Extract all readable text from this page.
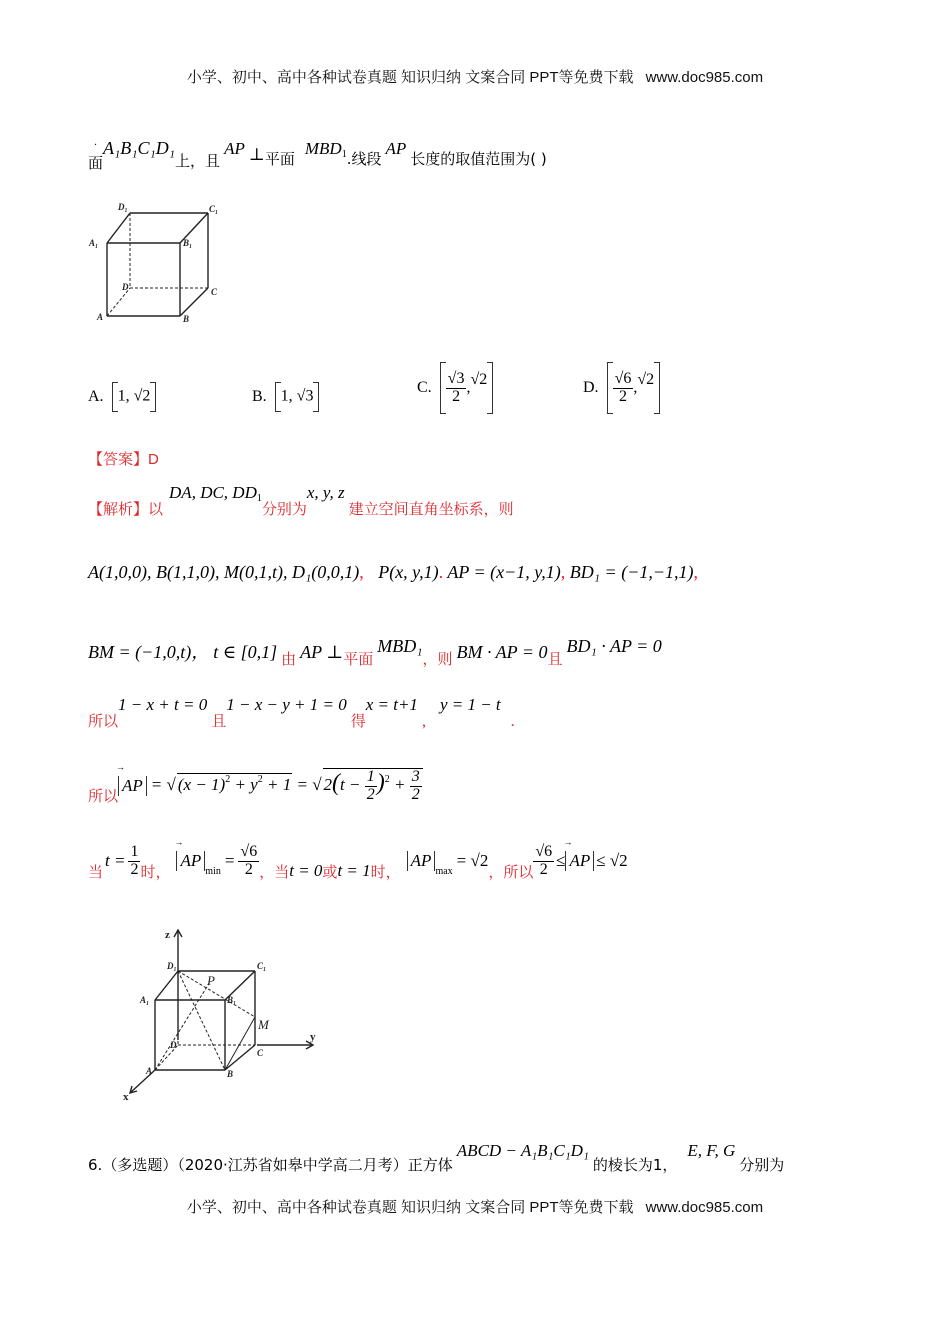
小学、初中、高中各种试卷真题 知识归纳 文案合同 PPT等免费下载 www.doc985.com
·
面A₁B₁C₁D₁上，且 AP ⊥平面 $MBD_1$.线段 AP 长度的取值范围为( )
D₁	C₁
A₁	B₁
D	C
A	B
A. 1, √2	B. 1, √3
C. $\frac{√3}{2}$ , √2	D. $\frac{√6}{2}$ , √2
【答案】D
【解析】以DA, DC, $DD_1$分别为x, y, z 建立空间直角坐标系，则
A(1,0,0), B(1,1,0), M(0,1,t), D₁(0,0,1), P(x, y,1). AP = (x−1, y,1), BD₁ = (−1,−1,1),
BM = (−1,0,t)， t ∈ [0,1] 由 AP ⊥平面 MBD₁，则 BM · AP = 0且 BD₁ · AP = 0
所以1 − x + t = 0 且1 − x − y + 1 = 0 得x = t+1 , y = 1 − t .
所以
→
AP = √ $(x - 1)^2 + y^2 + 1$ = √ $2(t - \frac{1}{2} )^2 + \frac{3}{2}$
当
$t = \frac{1}{2}$ 时，
→
AP
min
= $\frac{√6}{2}$ ，当 t = 0 或 t = 1 时，
AP
max
= √2
，所以 $\frac{√6}{2}$ ≤
→
AP ≤ √2
z
y
x
D₁	C₁
A₁	B₁
D
C
A	B
P
M
6.（多选题）（2020·江苏省如皋中学高二月考）正方体 ABCD − A₁B₁C₁D₁ 的棱长为1， E, F, G 分别为
小学、初中、高中各种试卷真题 知识归纳 文案合同 PPT等免费下载 www.doc985.com
